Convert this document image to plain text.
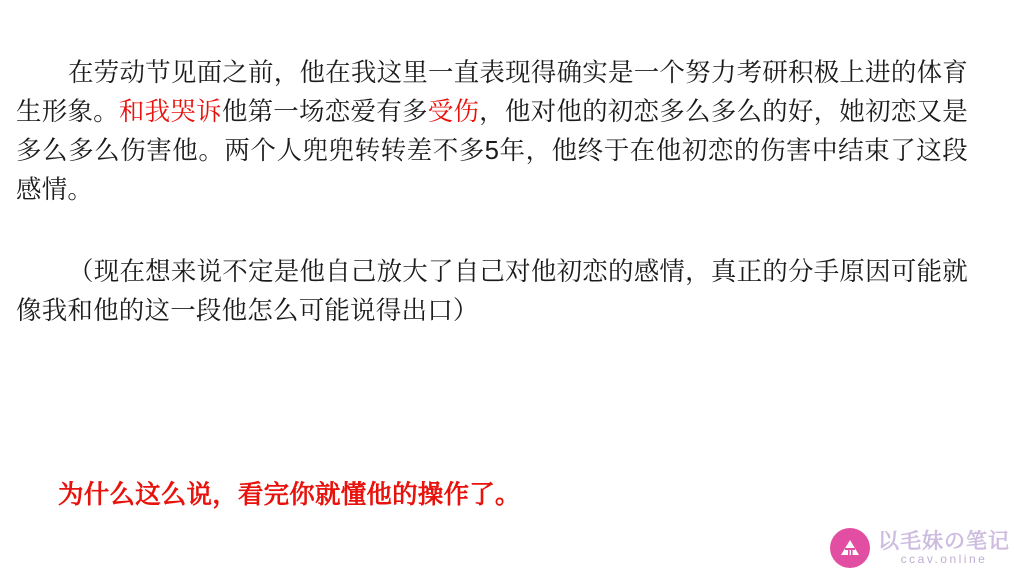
在劳动节见面之前，他在我这里一直表现得确实是一个努力考研积极上进的体育生形象。和我哭诉他第一场恋爱有多受伤，他对他的初恋多么多么的好，她初恋又是多么多么伤害他。两个人兜兜转转差不多5年，他终于在他初恋的伤害中结束了这段感情。
（现在想来说不定是他自己放大了自己对他初恋的感情，真正的分手原因可能就像我和他的这一段他怎么可能说得出口）
为什么这么说，看完你就懂他的操作了。
以毛妹の笔记
ccav.online
